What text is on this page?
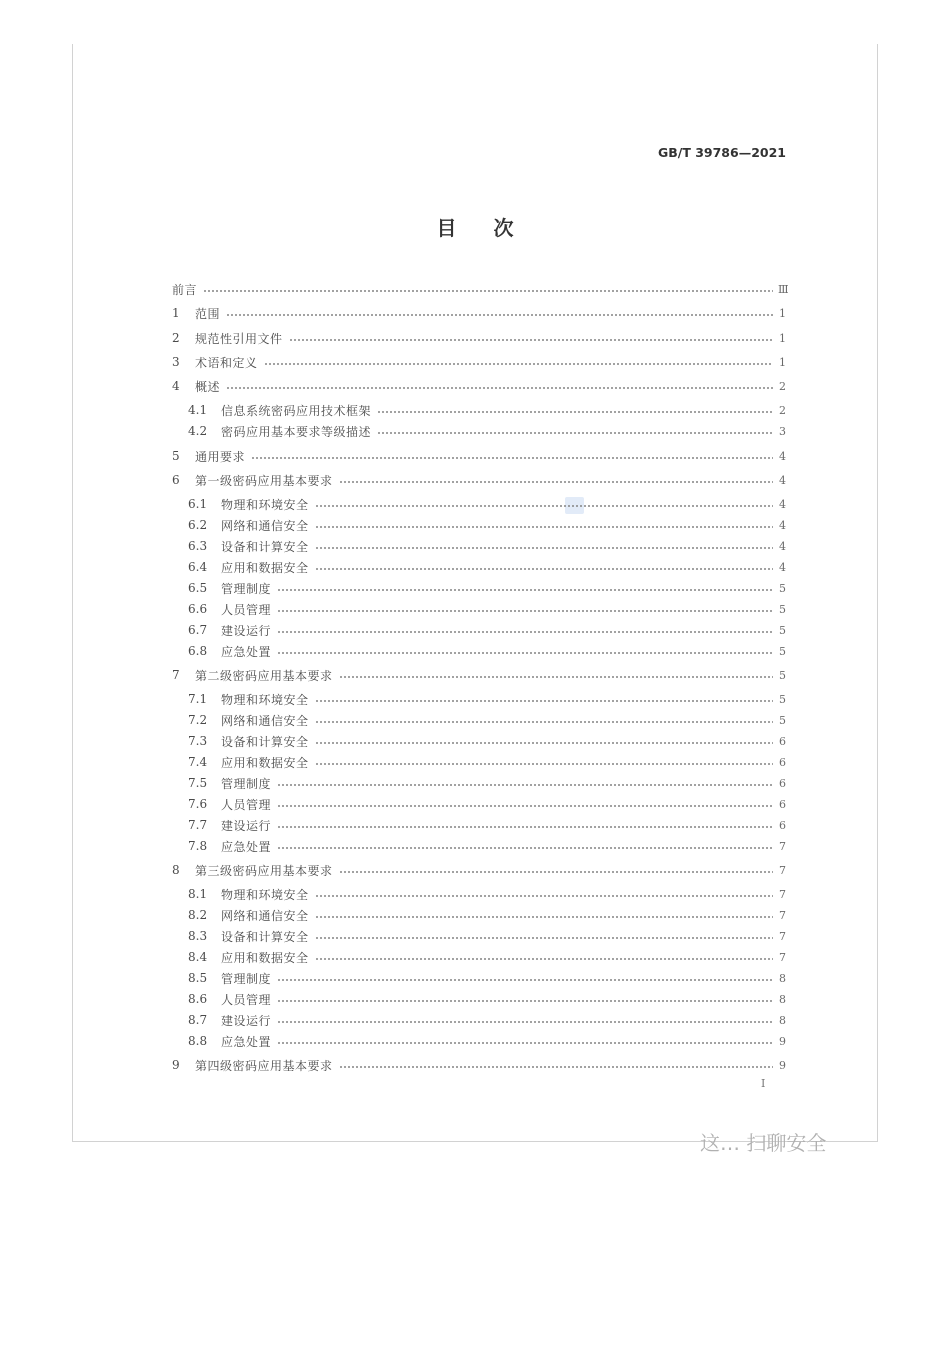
GB/T 39786—2021
目 次
前言	Ⅲ
1	范围	1
2	规范性引用文件	1
3	术语和定义	1
4	概述	2
4.1	信息系统密码应用技术框架	2
4.2	密码应用基本要求等级描述	3
5	通用要求	4
6	第一级密码应用基本要求	4
6.1	物理和环境安全	4
6.2	网络和通信安全	4
6.3	设备和计算安全	4
6.4	应用和数据安全	4
6.5	管理制度	5
6.6	人员管理	5
6.7	建设运行	5
6.8	应急处置	5
7	第二级密码应用基本要求	5
7.1	物理和环境安全	5
7.2	网络和通信安全	5
7.3	设备和计算安全	6
7.4	应用和数据安全	6
7.5	管理制度	6
7.6	人员管理	6
7.7	建设运行	6
7.8	应急处置	7
8	第三级密码应用基本要求	7
8.1	物理和环境安全	7
8.2	网络和通信安全	7
8.3	设备和计算安全	7
8.4	应用和数据安全	7
8.5	管理制度	8
8.6	人员管理	8
8.7	建设运行	8
8.8	应急处置	9
9	第四级密码应用基本要求	9
I
这… 扫聊安全
